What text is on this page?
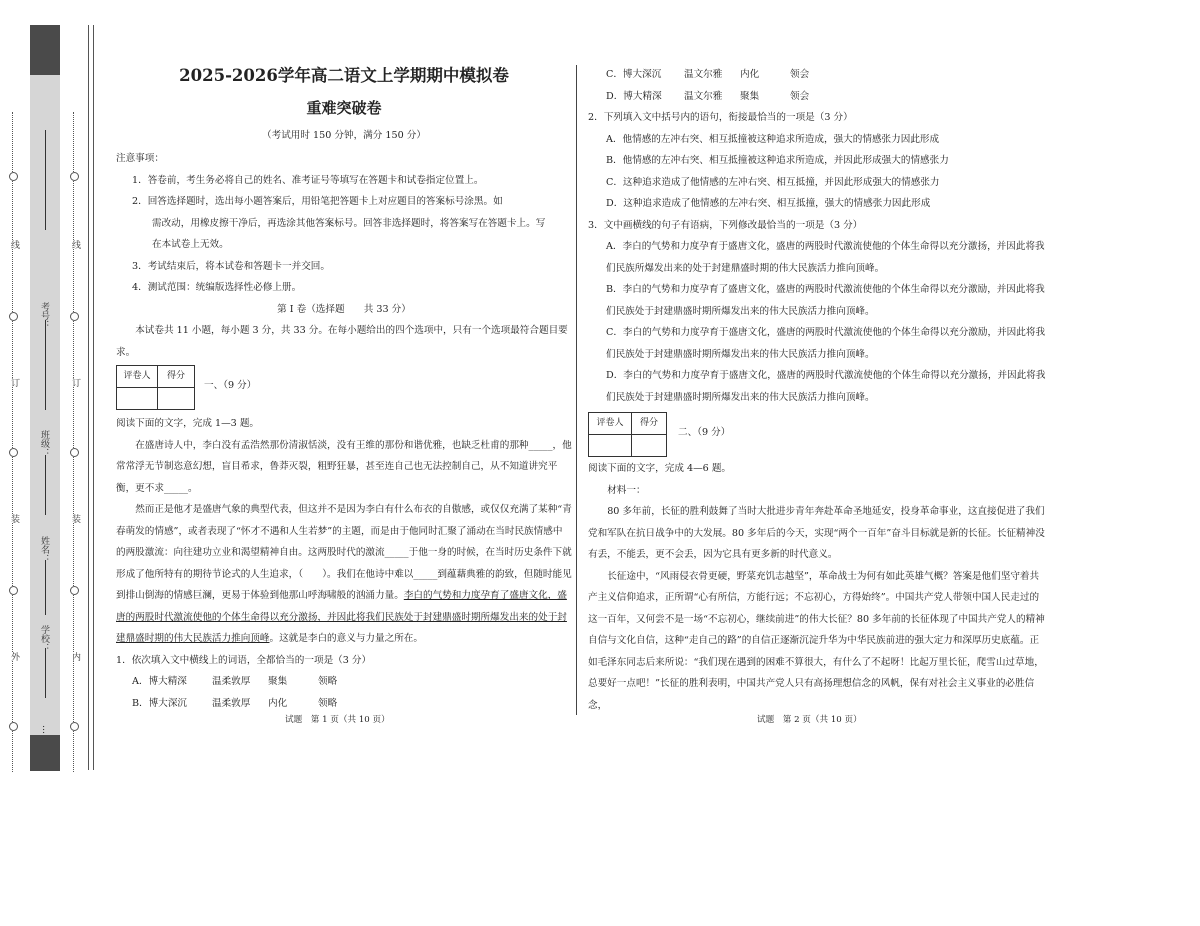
线
订
装
外
…
考号：
班级：
姓名：
学校：
线
订
装
内

2025-2026学年高二语文上学期期中模拟卷

重难突破卷

（考试用时 150 分钟，满分 150 分）

注意事项：

1．答卷前，考生务必将自己的姓名、准考证号等填写在答题卡和试卷指定位置上。

2．回答选择题时，选出每小题答案后，用铅笔把答题卡上对应题目的答案标号涂黑。如

需改动，用橡皮擦干净后，再选涂其他答案标号。回答非选择题时，将答案写在答题卡上。写

在本试卷上无效。

3．考试结束后，将本试卷和答题卡一并交回。

4．测试范围：统编版选择性必修上册。

第 I 卷（选择题　　共 33 分）

本试卷共 11 小题，每小题 3 分，共 33 分。在每小题给出的四个选项中，只有一个选项最符合题目要求。

评卷人	得分
一、（9 分）

阅读下面的文字，完成 1—3 题。

在盛唐诗人中，李白没有孟浩然那份清淑恬淡，没有王维的那份和谐优雅，也缺乏杜甫的那种_____，他常常浮无节制恣意幻想，盲目希求，鲁莽灭裂，粗野狂暴，甚至连自己也无法控制自己，从不知道讲究平衡，更不求_____。

然而正是他才是盛唐气象的典型代表，但这并不是因为李白有什么布衣的自傲感，或仅仅充满了某种“青春萌发的情感”，或者表现了“怀才不遇和人生若梦”的主题，而是由于他同时汇聚了涌动在当时民族情感中的两股激流：向往建功立业和渴望精神自由。这两股时代的激流_____于他一身的时候，在当时历史条件下就形成了他所特有的期待节论式的人生追求，（　　）。我们在他诗中难以_____到蕴藉典雅的韵致，但随时能见到排山倒海的情感巨澜，更易于体验到他那山呼海啸般的汹涌力量。李白的气势和力度孕育了盛唐文化，盛唐的两股时代激流使他的个体生命得以充分激扬，并因此将我们民族处于封建鼎盛时期所爆发出来的处于封建鼎盛时期的伟大民族活力推向顶峰。这就是李白的意义与力量之所在。

1．依次填入文中横线上的词语，全都恰当的一项是（3 分）

A．博大精深	温柔敦厚 聚集	领略

B．博大深沉	温柔敦厚 内化	领略

试题　第 1 页（共 10 页）

C．博大深沉 温文尔雅 内化	领会

D．博大精深 温文尔雅 聚集	领会

2．下列填入文中括号内的语句，衔接最恰当的一项是（3 分）

A．他情感的左冲右突、相互抵撞被这种追求所造成，强大的情感张力因此形成

B．他情感的左冲右突、相互抵撞被这种追求所造成，并因此形成强大的情感张力

C．这种追求造成了他情感的左冲右突、相互抵撞，并因此形成强大的情感张力

D．这种追求造成了他情感的左冲右突、相互抵撞，强大的情感张力因此形成

3．文中画横线的句子有语病，下列修改最恰当的一项是（3 分）

A．李白的气势和力度孕育于盛唐文化，盛唐的两股时代激流使他的个体生命得以充分激扬，并因此将我们民族所爆发出来的处于封建鼎盛时期的伟大民族活力推向顶峰。

B．李白的气势和力度孕育了盛唐文化，盛唐的两股时代激流使他的个体生命得以充分激励，并因此将我们民族处于封建鼎盛时期所爆发出来的伟大民族活力推向顶峰。

C．李白的气势和力度孕育于盛唐文化，盛唐的两股时代激流使他的个体生命得以充分激励，并因此将我们民族处于封建鼎盛时期所爆发出来的伟大民族活力推向顶峰。

D．李白的气势和力度孕育于盛唐文化，盛唐的两股时代激流使他的个体生命得以充分激扬，并因此将我们民族处于封建鼎盛时期所爆发出来的伟大民族活力推向顶峰。

评卷人	得分
二、（9 分）

阅读下面的文字，完成 4—6 题。

材料一：

80 多年前，长征的胜利鼓舞了当时大批进步青年奔赴革命圣地延安，投身革命事业，这直接促进了我们党和军队在抗日战争中的大发展。80 多年后的今天，实现“两个一百年”奋斗目标就是新的长征。长征精神没有丢，不能丢，更不会丢，因为它具有更多新的时代意义。

长征途中，“风雨侵衣骨更硬，野菜充饥志越坚”，革命战士为何有如此英雄气概？答案是他们坚守着共产主义信仰追求，正所谓“心有所信，方能行远；不忘初心，方得始终”。中国共产党人带领中国人民走过的这一百年，又何尝不是一场“不忘初心，继续前进”的伟大长征？80 多年前的长征体现了中国共产党人的精神自信与文化自信，这种“走自己的路”的自信正逐渐沉淀升华为中华民族前进的强大定力和深厚历史底蕴。正如毛泽东同志后来所说：“我们现在遇到的困难不算很大，有什么了不起呀！比起万里长征，爬雪山过草地，总要好一点吧！”长征的胜利表明，中国共产党人只有高扬理想信念的风帆，保有对社会主义事业的必胜信念，

试题　第 2 页（共 10 页）
